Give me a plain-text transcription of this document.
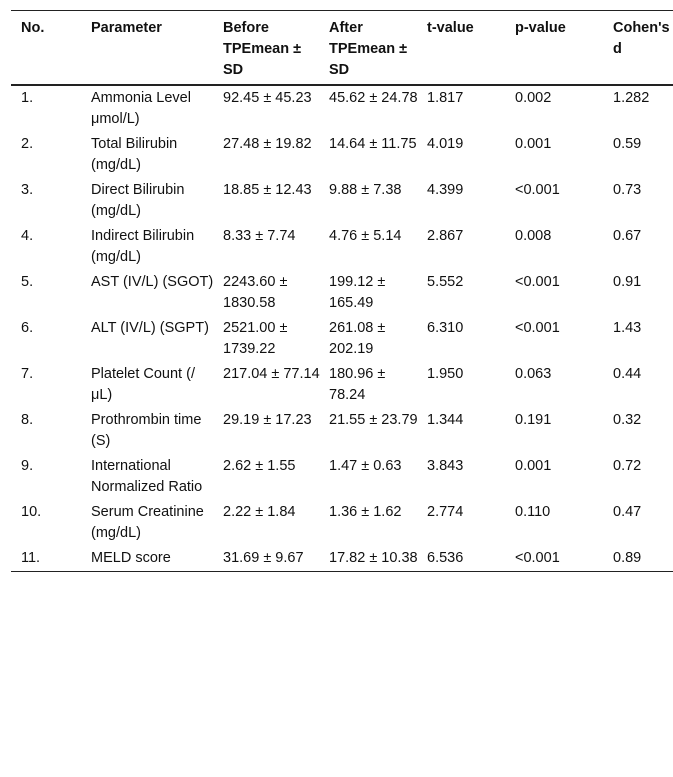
No.	Parameter	Before TPEmean ± SD	After TPEmean ± SD	t-value	p-value	Cohen's d
1.	Ammonia Level μmol/L)	92.45 ± 45.23	45.62 ± 24.78	1.817	0.002	1.282
2.	Total Bilirubin (mg/dL)	27.48 ± 19.82	14.64 ± 11.75	4.019	0.001	0.59
3.	Direct Bilirubin (mg/dL)	18.85 ± 12.43	9.88 ± 7.38	4.399	<0.001	0.73
4.	Indirect Bilirubin (mg/dL)	8.33 ± 7.74	4.76 ± 5.14	2.867	0.008	0.67
5.	AST (IV/L) (SGOT)	2243.60 ± 1830.58	199.12 ± 165.49	5.552	<0.001	0.91
6.	ALT (IV/L) (SGPT)	2521.00 ± 1739.22	261.08 ± 202.19	6.310	<0.001	1.43
7.	Platelet Count (/μL)	217.04 ± 77.14	180.96 ± 78.24	1.950	0.063	0.44
8.	Prothrombin time (S)	29.19 ± 17.23	21.55 ± 23.79	1.344	0.191	0.32
9.	International Normalized Ratio	2.62 ± 1.55	1.47 ± 0.63	3.843	0.001	0.72
10.	Serum Creatinine (mg/dL)	2.22 ± 1.84	1.36 ± 1.62	2.774	0.110	0.47
11.	MELD score	31.69 ± 9.67	17.82 ± 10.38	6.536	<0.001	0.89
